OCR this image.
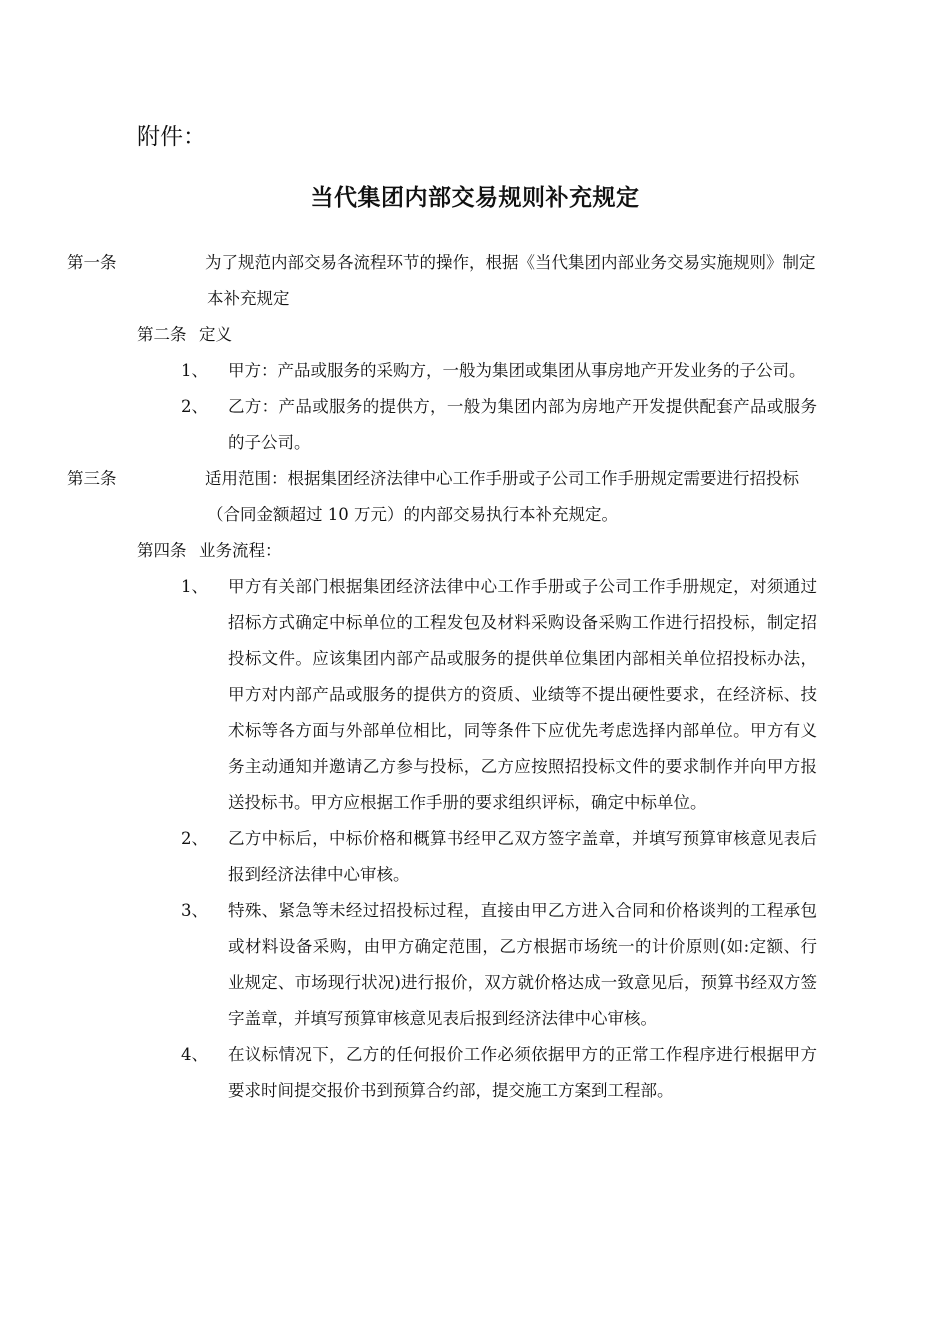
附件：
当代集团内部交易规则补充规定
第一条	为了规范内部交易各流程环节的操作，根据《当代集团内部业务交易实施规则》制定本补充规定
第二条 定义
1、 甲方：产品或服务的采购方，一般为集团或集团从事房地产开发业务的子公司。
2、 乙方：产品或服务的提供方，一般为集团内部为房地产开发提供配套产品或服务的子公司。
第三条	适用范围：根据集团经济法律中心工作手册或子公司工作手册规定需要进行招投标（合同金额超过 10 万元）的内部交易执行本补充规定。
第四条 业务流程：
1、 甲方有关部门根据集团经济法律中心工作手册或子公司工作手册规定，对须通过招标方式确定中标单位的工程发包及材料采购设备采购工作进行招投标，制定招投标文件。应该集团内部产品或服务的提供单位集团内部相关单位招投标办法，甲方对内部产品或服务的提供方的资质、业绩等不提出硬性要求，在经济标、技术标等各方面与外部单位相比，同等条件下应优先考虑选择内部单位。甲方有义务主动通知并邀请乙方参与投标，乙方应按照招投标文件的要求制作并向甲方报送投标书。甲方应根据工作手册的要求组织评标，确定中标单位。
2、 乙方中标后，中标价格和概算书经甲乙双方签字盖章，并填写预算审核意见表后报到经济法律中心审核。
3、 特殊、紧急等未经过招投标过程，直接由甲乙方进入合同和价格谈判的工程承包或材料设备采购，由甲方确定范围，乙方根据市场统一的计价原则(如:定额、行业规定、市场现行状况)进行报价，双方就价格达成一致意见后，预算书经双方签字盖章，并填写预算审核意见表后报到经济法律中心审核。
4、 在议标情况下，乙方的任何报价工作必须依据甲方的正常工作程序进行根据甲方要求时间提交报价书到预算合约部，提交施工方案到工程部。
